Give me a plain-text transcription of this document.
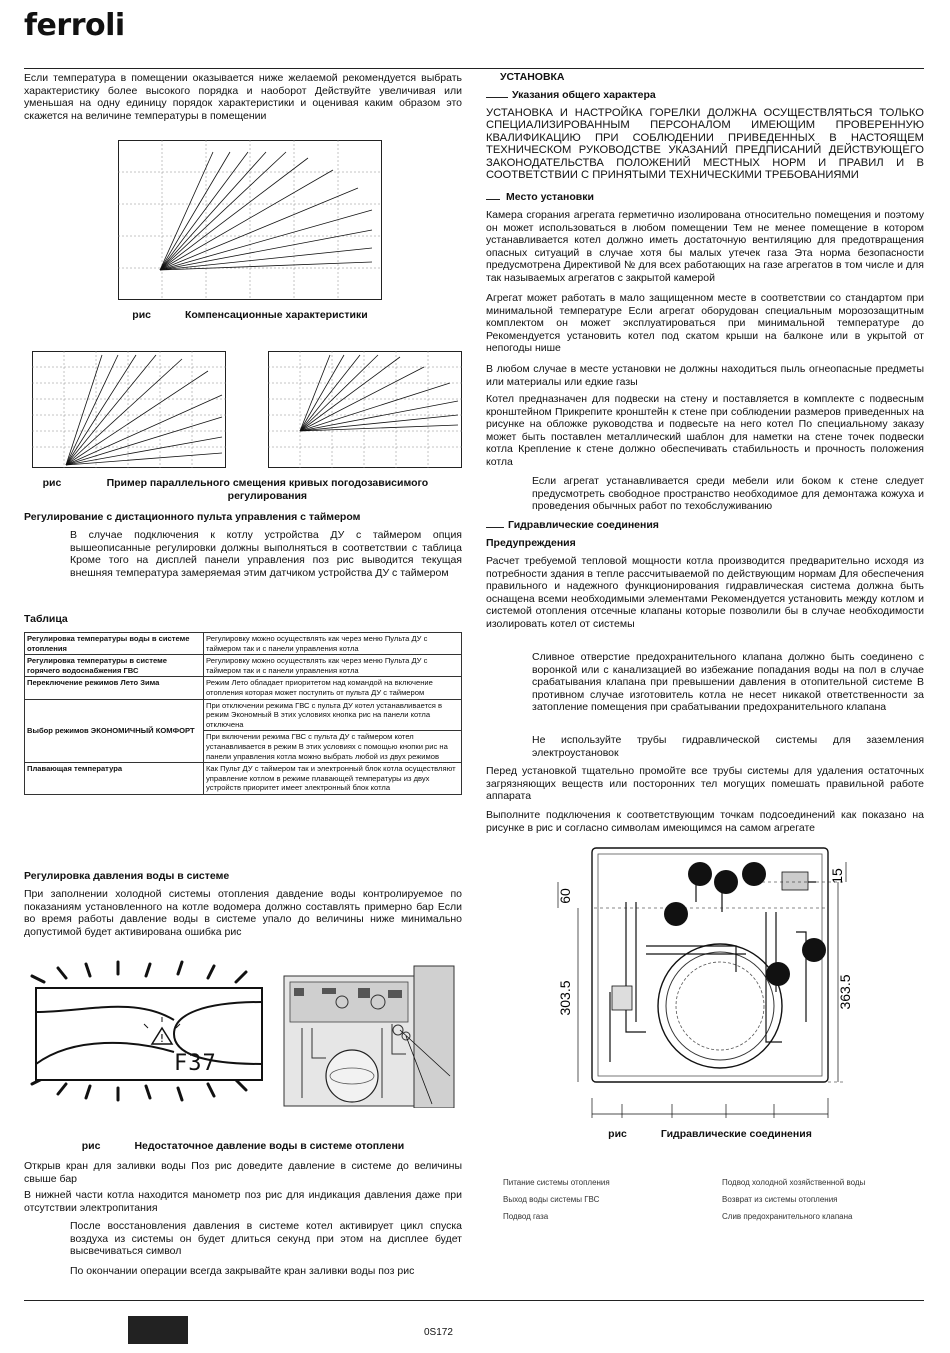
ferroli

Если температура в помещении оказывается ниже желаемой рекомендуется выбрать характеристику более высокого порядка и наоборот Действуйте увеличивая или уменьшая на одну единицу порядок характеристики и оценивая каким образом это скажется на величине температуры в помещении

рис	Компенсационные характеристики
рис	Пример параллельного смещения кривых погодозависимого регулирования

Регулирование с дистационного пульта управления с таймером

В случае подключения к котлу устройства ДУ с таймером опция вышеописанные регулировки должны выполняться в соответствии с таблица Кроме того на дисплей панели управления поз рис выводится текущая внешняя температура замеряемая этим датчиком устройства ДУ с таймером

Таблица

Регулировка температуры воды в системе отопления	Регулировку можно осуществлять как через меню Пульта ДУ с таймером так и с панели управления котла
Регулировка температуры в системе горячего водоснабжения ГВС	Регулировку можно осуществлять как через меню Пульта ДУ с таймером так и с панели управления котла
Переключение режимов Лето Зима	Режим Лето обладает приоритетом над командой на включение отопления которая может поступить от пульта ДУ с таймером
Выбор режимов ЭКОНОМИЧНЫЙ КОМФОРТ	При отключении режима ГВС с пульта ДУ котел устанавливается в режим Экономный В этих условиях кнопка рис на панели котла отключена
	При включении режима ГВС с пульта ДУ с таймером котел устанавливается в режим В этих условиях с помощью кнопки рис на панели управления котла можно выбрать любой из двух режимов
Плавающая температура	Как Пульт ДУ с таймером так и электронный блок котла осуществляют управление котлом в режиме плавающей температуры из двух устройств приоритет имеет электронный блок котла

Регулировка давления воды в системе

При заполнении холодной системы отопления давдение воды контролируемое по показаниям установленного на котле водомера должно составлять примерно бар Если во время работы давление воды в системе упало до величины ниже минимально допустимой будет активирована ошибка рис

!
F37
рис	Недостаточное давление воды в системе отоплени

Открыв кран для заливки воды Поз рис доведите давление в системе до величины свыше бар

В нижней части котла находится манометр поз рис для индикация давления даже при отсутствии электропитания

После восстановления давления в системе котел активирует цикл спуска воздуха из системы он будет длиться секунд при этом на дисплее будет высвечиваться символ

По окончании операции всегда закрывайте кран заливки воды поз рис

УСТАНОВКА

Указания общего характера

УСТАНОВКА И НАСТРОЙКА ГОРЕЛКИ ДОЛЖНА ОСУЩЕСТВЛЯТЬСЯ ТОЛЬКО СПЕЦИАЛИЗИРОВАННЫМ ПЕРСОНАЛОМ ИМЕЮЩИМ ПРОВЕРЕННУЮ КВАЛИФИКАЦИЮ ПРИ СОБЛЮДЕНИИ ПРИВЕДЕННЫХ В НАСТОЯЩЕМ ТЕХНИЧЕСКОМ РУКОВОДСТВЕ УКАЗАНИЙ ПРЕДПИСАНИЙ ДЕЙСТВУЮЩЕГО ЗАКОНОДАТЕЛЬСТВА ПОЛОЖЕНИЙ МЕСТНЫХ НОРМ И ПРАВИЛ И В СООТВЕТСТВИИ С ПРИНЯТЫМИ ТЕХНИЧЕСКИМИ ТРЕБОВАНИЯМИ

Место установки

Камера сгорания агрегата герметично изолирована относительно помещения и поэтому он может использоваться в любом помещении Тем не менее помещение в котором устанавливается котел должно иметь достаточную вентиляцию для предотвращения опасных ситуаций в случае хотя бы малых утечек газа Эта норма безопасности предусмотрена Директивой № для всех работающих на газе агрегатов в том числе и для так называемых агрегатов с закрытой камерой

Агрегат может работать в мало защищенном месте в соответствии со стандартом при минимальной температуре Если агрегат оборудован специальным морозозащитным комплектом он может эксплуатироваться при минимальной температуре до Рекомендуется установить котел под скатом крыши на балконе или в укрытой от непогоды нише

В любом случае в месте установки не должны находиться пыль огнеопасные предметы или материалы или едкие газы

Котел предназначен для подвески на стену и поставляется в комплекте с подвесным кронштейном Прикрепите кронштейн к стене при соблюдении размеров приведенных на рисунке на обложке руководства и подвесьте на него котел По специальному заказу может быть поставлен металлический шаблон для наметки на стене точек подвески котла Крепление к стене должно обеспечивать стабильность и прочность положения котла

Если агрегат устанавливается среди мебели или боком к стене следует предусмотреть свободное пространство необходимое для демонтажа кожуха и проведения обычных работ по техобслуживанию

Гидравлические соединения

Предупреждения

Расчет требуемой тепловой мощности котла производится предварительно исходя из потребности здания в тепле рассчитываемой по действующим нормам Для обеспечения правильного и надежного функционирования гидравлическая система должна быть оснащена всеми необходимыми элементами Рекомендуется установить между котлом и системой отопления отсечные клапаны которые позволили бы в случае необходимости изолировать котел от системы

Сливное отверстие предохранительного клапана должно быть соединено с воронкой или с канализацией во избежание попадания воды на пол в случае срабатывания клапана при превышении давления в отопительной системе В противном случае изготовитель котла не несет никакой ответственности за затопление помещения при срабатывании предохранительного клапана

Не используйте трубы гидравлической системы для заземления электроустановок

Перед установкой тщательно промойте все трубы системы для удаления остаточных загрязняющих веществ или посторонних тел могущих помешать правильной работе аппарата

Выполните подключения к соответствующим точкам подсоединений как показано на рисунке в рис и согласно символам имеющимся на самом агрегате

60
303.5
15
363.5
рис	Гидравлические соединения
Питание системы отопления
Выход воды системы ГВС
Подвод газа
Подвод холодной хозяйственной воды
Возврат из системы отопления
Слив предохранительного клапана
0S172
